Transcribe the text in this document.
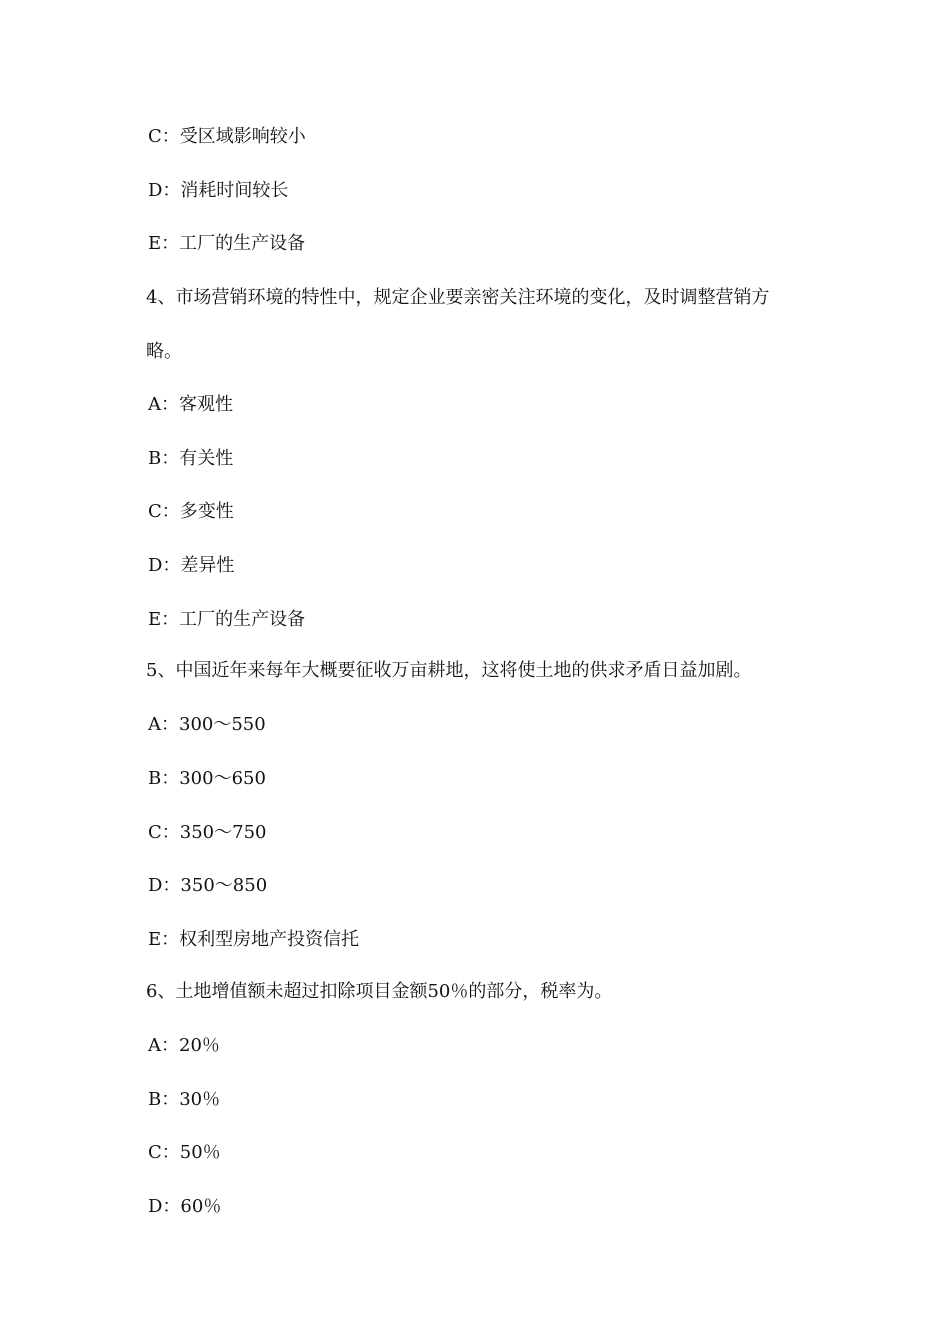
C：受区域影响较小
D：消耗时间较长
E：工厂的生产设备
4、市场营销环境的特性中，规定企业要亲密关注环境的变化，及时调整营销方
略。
A：客观性
B：有关性
C：多变性
D：差异性
E：工厂的生产设备
5、中国近年来每年大概要征收万亩耕地，这将使土地的供求矛盾日益加剧。
A：300～550
B：300～650
C：350～750
D：350～850
E：权利型房地产投资信托
6、土地增值额未超过扣除项目金额50％的部分，税率为。
A：20％
B：30％
C：50％
D：60％
